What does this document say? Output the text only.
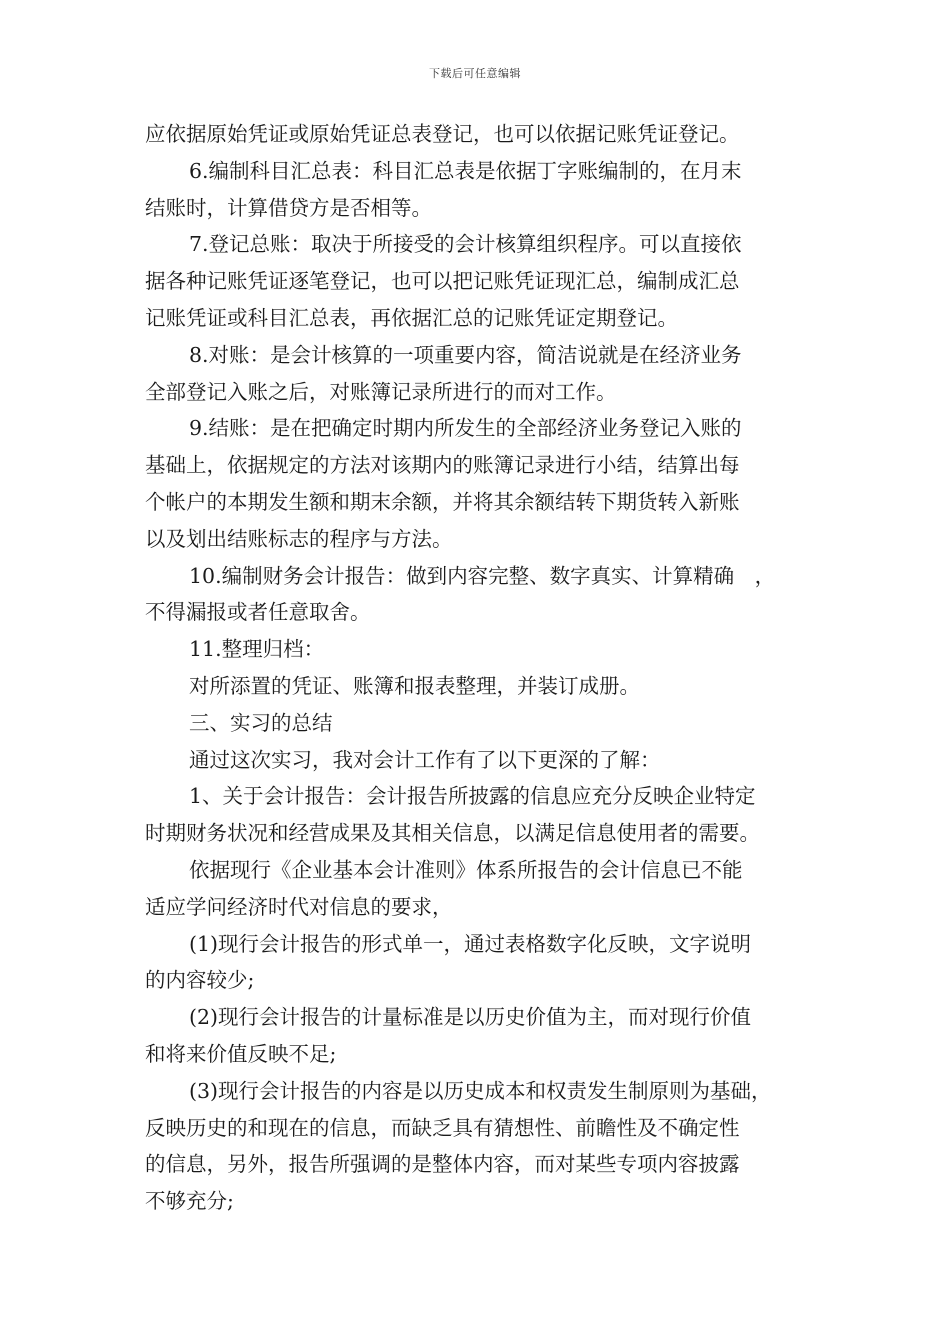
下载后可任意编辑
应依据原始凭证或原始凭证总表登记，也可以依据记账凭证登记。
6.编制科目汇总表：科目汇总表是依据丁字账编制的，在月末
结账时，计算借贷方是否相等。
7.登记总账：取决于所接受的会计核算组织程序。可以直接依
据各种记账凭证逐笔登记，也可以把记账凭证现汇总，编制成汇总
记账凭证或科目汇总表，再依据汇总的记账凭证定期登记。
8.对账：是会计核算的一项重要内容，简洁说就是在经济业务
全部登记入账之后，对账簿记录所进行的而对工作。
9.结账：是在把确定时期内所发生的全部经济业务登记入账的
基础上，依据规定的方法对该期内的账簿记录进行小结，结算出每
个帐户的本期发生额和期末余额，并将其余额结转下期货转入新账
以及划出结账标志的程序与方法。
10.编制财务会计报告：做到内容完整、数字真实、计算精确　，
不得漏报或者任意取舍。
11.整理归档：
对所添置的凭证、账簿和报表整理，并装订成册。
三、实习的总结
通过这次实习，我对会计工作有了以下更深的了解：
1、关于会计报告：会计报告所披露的信息应充分反映企业特定
时期财务状况和经营成果及其相关信息，以满足信息使用者的需要。
依据现行《企业基本会计准则》体系所报告的会计信息已不能
适应学问经济时代对信息的要求，
(1)现行会计报告的形式单一，通过表格数字化反映，文字说明
的内容较少;
(2)现行会计报告的计量标准是以历史价值为主，而对现行价值
和将来价值反映不足;
(3)现行会计报告的内容是以历史成本和权责发生制原则为基础，
反映历史的和现在的信息，而缺乏具有猜想性、前瞻性及不确定性
的信息，另外，报告所强调的是整体内容，而对某些专项内容披露
不够充分;
